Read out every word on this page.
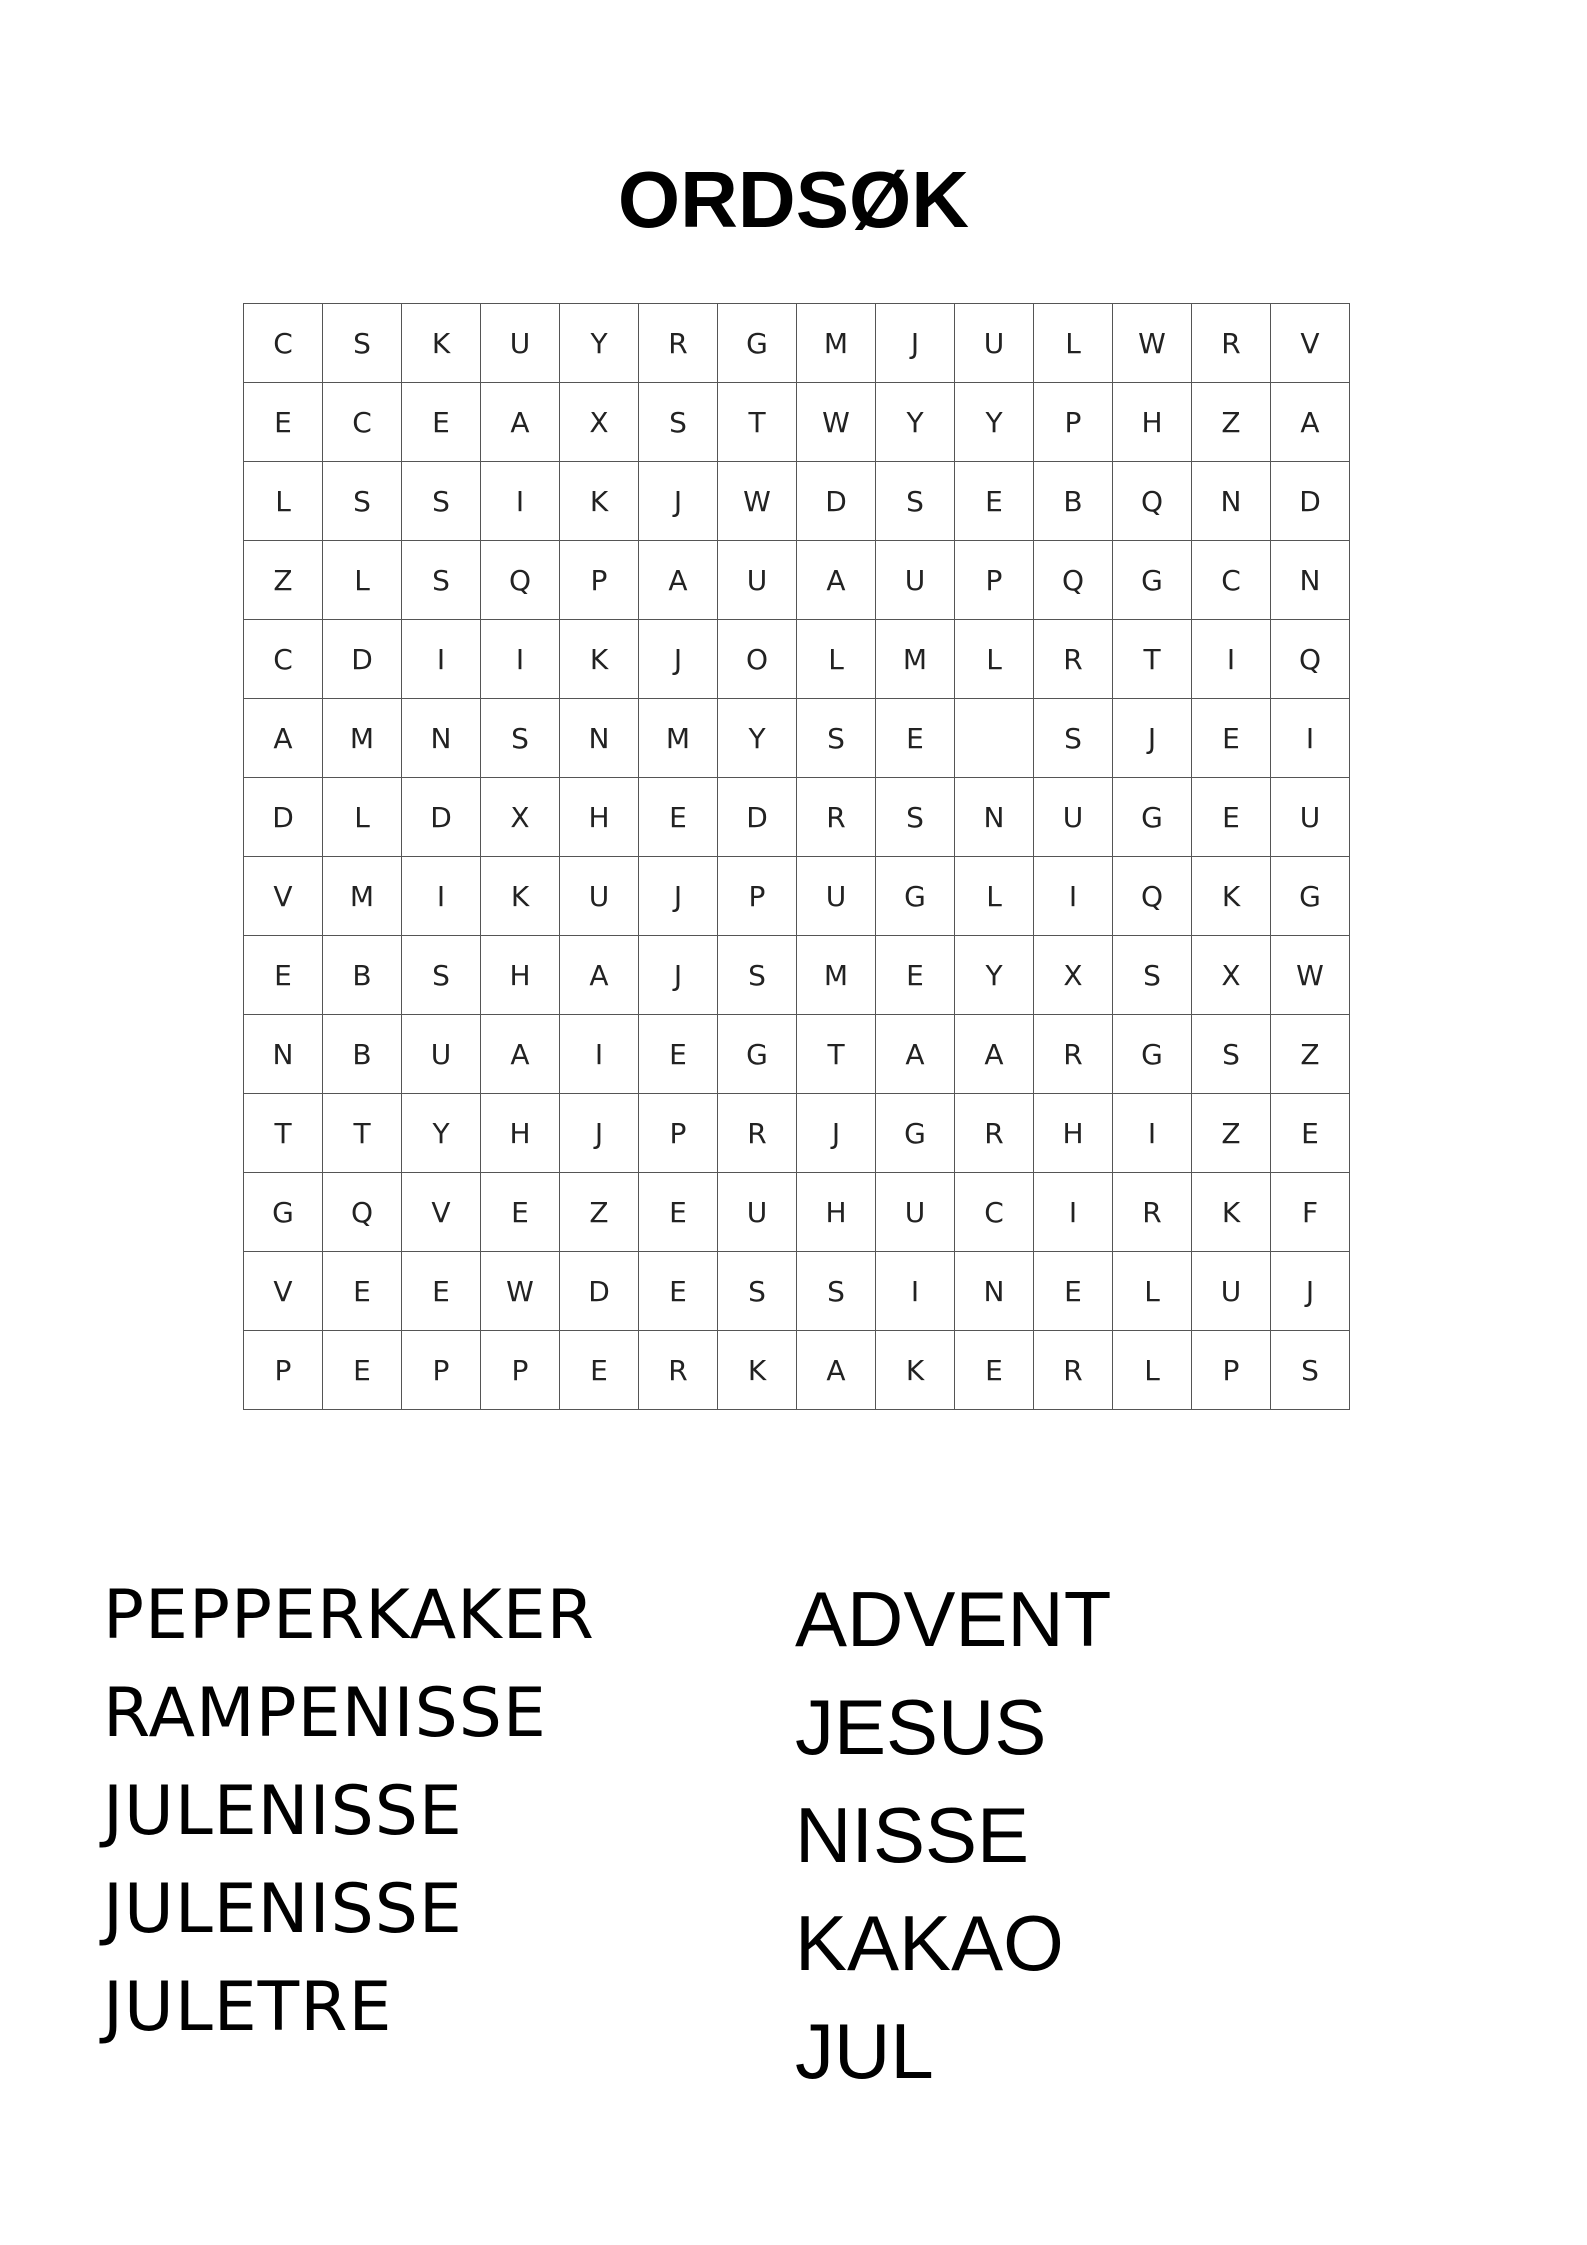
ORDSØK
C	S	K	U	Y	R	G	M	J	U	L	W	R	V
E	C	E	A	X	S	T	W	Y	Y	P	H	Z	A
L	S	S	I	K	J	W	D	S	E	B	Q	N	D
Z	L	S	Q	P	A	U	A	U	P	Q	G	C	N
C	D	I	I	K	J	O	L	M	L	R	T	I	Q
A	M	N	S	N	M	Y	S	E		S	J	E	I
D	L	D	X	H	E	D	R	S	N	U	G	E	U
V	M	I	K	U	J	P	U	G	L	I	Q	K	G
E	B	S	H	A	J	S	M	E	Y	X	S	X	W
N	B	U	A	I	E	G	T	A	A	R	G	S	Z
T	T	Y	H	J	P	R	J	G	R	H	I	Z	E
G	Q	V	E	Z	E	U	H	U	C	I	R	K	F
V	E	E	W	D	E	S	S	I	N	E	L	U	J
P	E	P	P	E	R	K	A	K	E	R	L	P	S
PEPPERKAKER
RAMPENISSE
JULENISSE
JULENISSE
JULETRE
ADVENT
JESUS
NISSE
KAKAO
JUL
